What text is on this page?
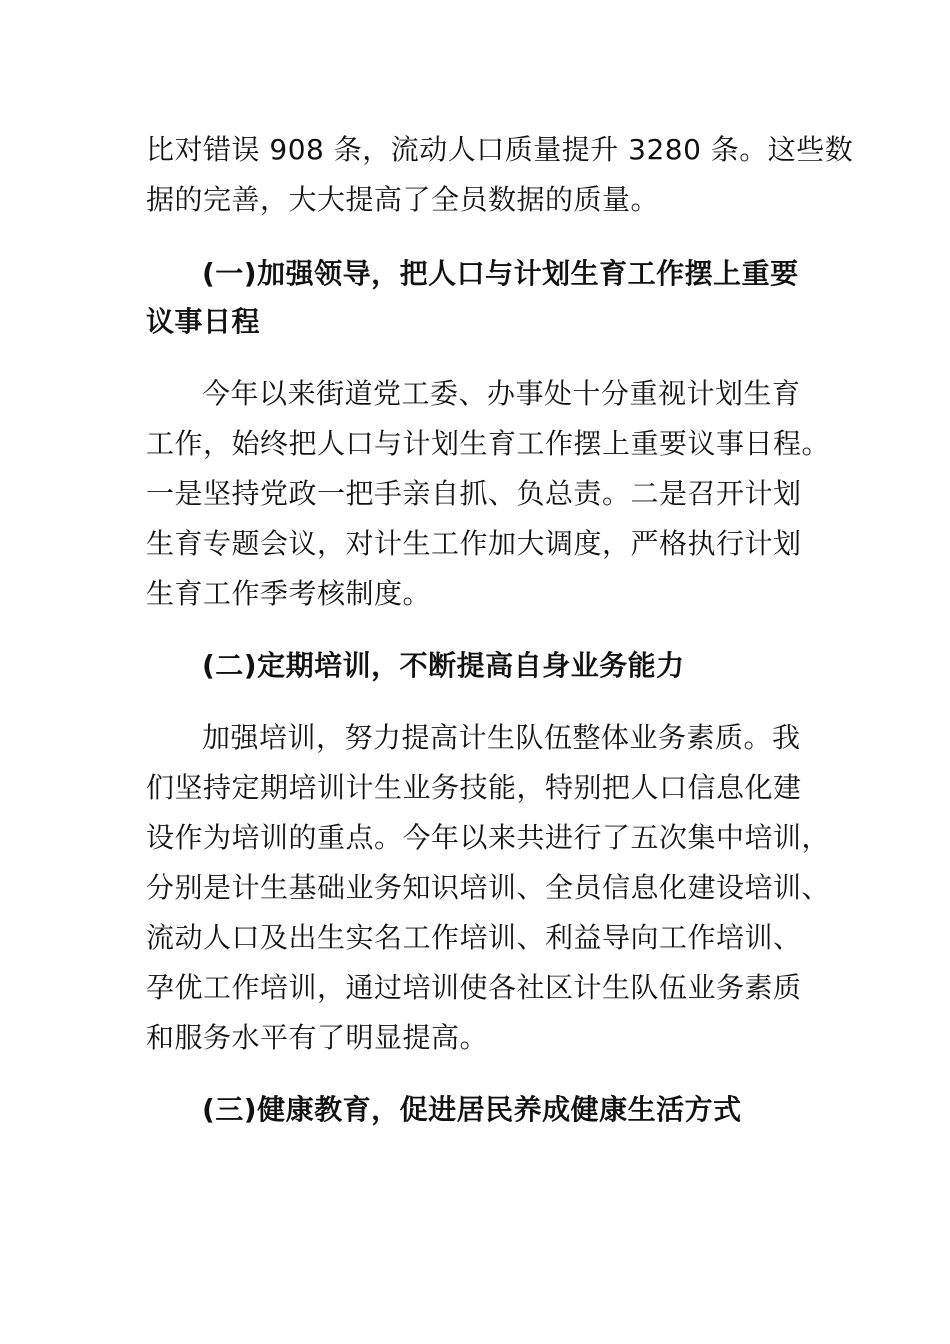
比对错误 908 条，流动人口质量提升 3280 条。这些数
据的完善，大大提高了全员数据的质量。
(一)加强领导，把人口与计划生育工作摆上重要
议事日程
今年以来街道党工委、办事处十分重视计划生育
工作，始终把人口与计划生育工作摆上重要议事日程。
一是坚持党政一把手亲自抓、负总责。二是召开计划
生育专题会议，对计生工作加大调度，严格执行计划
生育工作季考核制度。
(二)定期培训，不断提高自身业务能力
加强培训，努力提高计生队伍整体业务素质。我
们坚持定期培训计生业务技能，特别把人口信息化建
设作为培训的重点。今年以来共进行了五次集中培训，
分别是计生基础业务知识培训、全员信息化建设培训、
流动人口及出生实名工作培训、利益导向工作培训、
孕优工作培训，通过培训使各社区计生队伍业务素质
和服务水平有了明显提高。
(三)健康教育，促进居民养成健康生活方式
